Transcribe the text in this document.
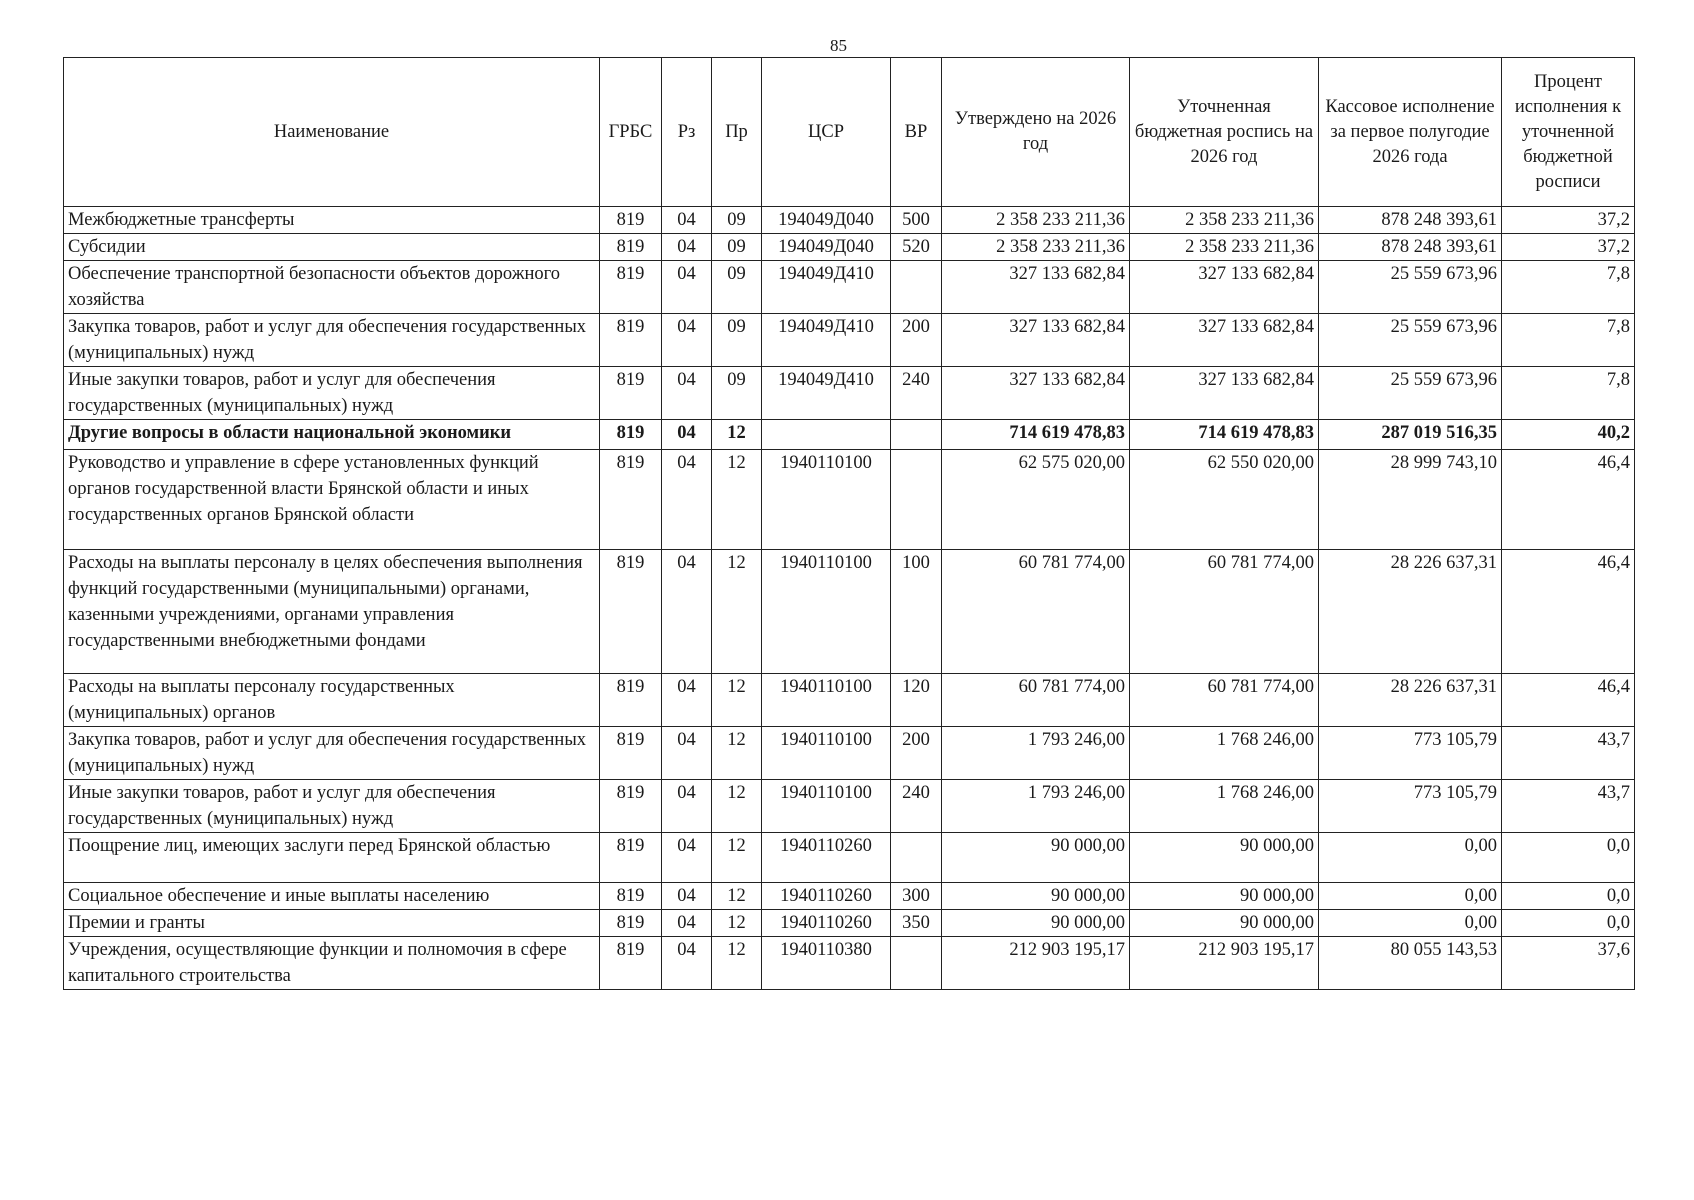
85
Наименование	ГРБС	Рз	Пр	ЦСР	ВР	Утверждено на 2026 год	Уточненная бюджетная роспись на 2026 год	Кассовое исполнение за первое полугодие 2026 года	Процент исполнения к уточненной бюджетной росписи
Межбюджетные трансферты	819	04	09	194049Д040	500	2 358 233 211,36	2 358 233 211,36	878 248 393,61	37,2
Субсидии	819	04	09	194049Д040	520	2 358 233 211,36	2 358 233 211,36	878 248 393,61	37,2
Обеспечение транспортной безопасности объектов дорожного хозяйства	819	04	09	194049Д410		327 133 682,84	327 133 682,84	25 559 673,96	7,8
Закупка товаров, работ и услуг для обеспечения государственных (муниципальных) нужд	819	04	09	194049Д410	200	327 133 682,84	327 133 682,84	25 559 673,96	7,8
Иные закупки товаров, работ и услуг для обеспечения государственных (муниципальных) нужд	819	04	09	194049Д410	240	327 133 682,84	327 133 682,84	25 559 673,96	7,8
Другие вопросы в области национальной экономики	819	04	12			714 619 478,83	714 619 478,83	287 019 516,35	40,2
Руководство и управление в сфере установленных функций органов государственной власти Брянской области и иных государственных органов Брянской области	819	04	12	1940110100		62 575 020,00	62 550 020,00	28 999 743,10	46,4
Расходы на выплаты персоналу в целях обеспечения выполнения функций государственными (муниципальными) органами, казенными учреждениями, органами управления государственными внебюджетными фондами	819	04	12	1940110100	100	60 781 774,00	60 781 774,00	28 226 637,31	46,4
Расходы на выплаты персоналу государственных (муниципальных) органов	819	04	12	1940110100	120	60 781 774,00	60 781 774,00	28 226 637,31	46,4
Закупка товаров, работ и услуг для обеспечения государственных (муниципальных) нужд	819	04	12	1940110100	200	1 793 246,00	1 768 246,00	773 105,79	43,7
Иные закупки товаров, работ и услуг для обеспечения государственных (муниципальных) нужд	819	04	12	1940110100	240	1 793 246,00	1 768 246,00	773 105,79	43,7
Поощрение лиц, имеющих заслуги перед Брянской областью	819	04	12	1940110260		90 000,00	90 000,00	0,00	0,0
Социальное обеспечение и иные выплаты населению	819	04	12	1940110260	300	90 000,00	90 000,00	0,00	0,0
Премии и гранты	819	04	12	1940110260	350	90 000,00	90 000,00	0,00	0,0
Учреждения, осуществляющие функции и полномочия в сфере капитального строительства	819	04	12	1940110380		212 903 195,17	212 903 195,17	80 055 143,53	37,6
